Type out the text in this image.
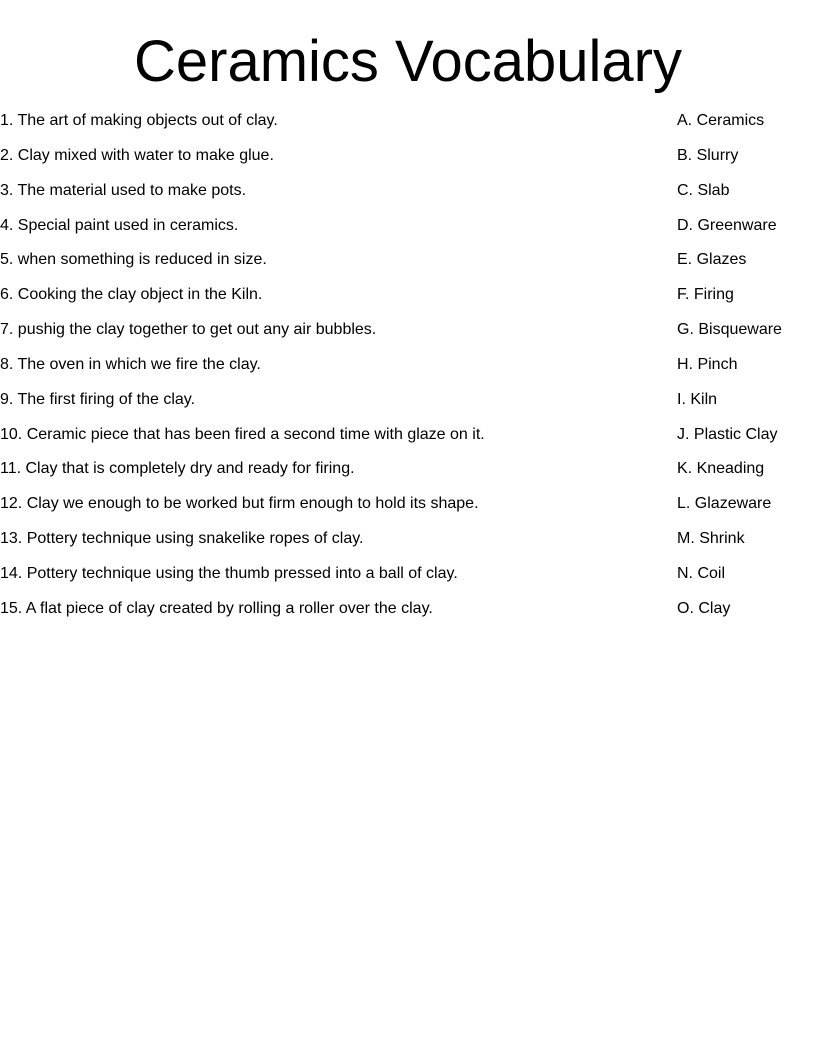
Ceramics Vocabulary
1. The art of making objects out of clay.	A. Ceramics
2. Clay mixed with water to make glue.	B. Slurry
3. The material used to make pots.	C. Slab
4. Special paint used in ceramics.	D. Greenware
5. when something is reduced in size.	E. Glazes
6. Cooking the clay object in the Kiln.	F. Firing
7. pushig the clay together to get out any air bubbles.	G. Bisqueware
8. The oven in which we fire the clay.	H. Pinch
9. The first firing of the clay.	I. Kiln
10. Ceramic piece that has been fired a second time with glaze on it.	J. Plastic Clay
11. Clay that is completely dry and ready for firing.	K. Kneading
12. Clay we enough to be worked but firm enough to hold its shape.	L. Glazeware
13. Pottery technique using snakelike ropes of clay.	M. Shrink
14. Pottery technique using the thumb pressed into a ball of clay.	N. Coil
15. A flat piece of clay created by rolling a roller over the clay.	O. Clay
